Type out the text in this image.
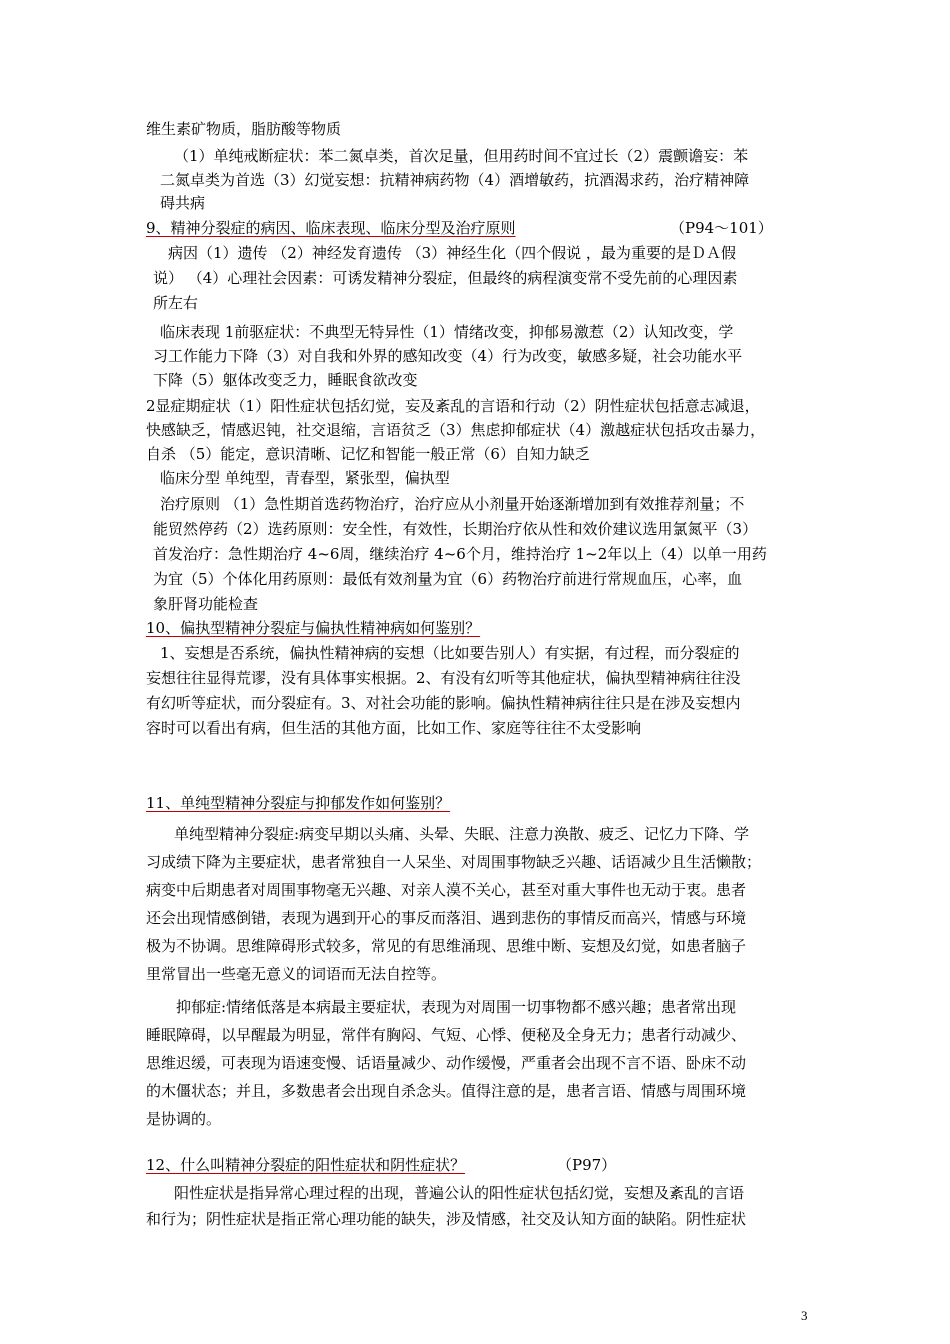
维生素矿物质，脂肪酸等物质
（1）单纯戒断症状：苯二氮卓类，首次足量，但用药时间不宜过长（2）震颤谵妄：苯
二氮卓类为首选（3）幻觉妄想：抗精神病药物（4）酒增敏药，抗酒渴求药，治疗精神障
碍共病
9、精神分裂症的病因、临床表现、临床分型及治疗原则	（P94～101）
病因（1）遗传 （2）神经发育遗传 （3）神经生化（四个假说 ，最为重要的是ＤＡ假
说） （4）心理社会因素：可诱发精神分裂症，但最终的病程演变常不受先前的心理因素
所左右
临床表现 1前驱症状：不典型无特异性（1）情绪改变，抑郁易激惹（2）认知改变，学
习工作能力下降（3）对自我和外界的感知改变（4）行为改变，敏感多疑，社会功能水平
下降（5）躯体改变乏力，睡眠食欲改变
2显症期症状（1）阳性症状包括幻觉，妄及紊乱的言语和行动（2）阴性症状包括意志减退，
快感缺乏，情感迟钝，社交退缩，言语贫乏（3）焦虑抑郁症状（4）激越症状包括攻击暴力，
自杀 （5）能定，意识清晰、记忆和智能一般正常（6）自知力缺乏
临床分型 单纯型，青春型，紧张型，偏执型
治疗原则 （1）急性期首选药物治疗，治疗应从小剂量开始逐渐增加到有效推荐剂量；不
能贸然停药（2）选药原则：安全性，有效性，长期治疗依从性和效价建议选用氯氮平（3）
首发治疗：急性期治疗 4~6周，继续治疗 4~6个月，维持治疗 1~2年以上（4）以单一用药
为宜（5）个体化用药原则：最低有效剂量为宜（6）药物治疗前进行常规血压，心率，血
象肝肾功能检查
10、偏执型精神分裂症与偏执性精神病如何鉴别？
1、妄想是否系统，偏执性精神病的妄想（比如要告别人）有实据，有过程，而分裂症的
妄想往往显得荒谬，没有具体事实根据。2、有没有幻听等其他症状，偏执型精神病往往没
有幻听等症状，而分裂症有。3、对社会功能的影响。偏执性精神病往往只是在涉及妄想内
容时可以看出有病，但生活的其他方面，比如工作、家庭等往往不太受影响
11、单纯型精神分裂症与抑郁发作如何鉴别？
单纯型精神分裂症:病变早期以头痛、头晕、失眠、注意力涣散、疲乏、记忆力下降、学
习成绩下降为主要症状，患者常独自一人呆坐、对周围事物缺乏兴趣、话语减少且生活懒散；
病变中后期患者对周围事物毫无兴趣、对亲人漠不关心，甚至对重大事件也无动于衷。患者
还会出现情感倒错，表现为遇到开心的事反而落泪、遇到悲伤的事情反而高兴，情感与环境
极为不协调。思维障碍形式较多，常见的有思维涌现、思维中断、妄想及幻觉，如患者脑子
里常冒出一些毫无意义的词语而无法自控等。
抑郁症:情绪低落是本病最主要症状，表现为对周围一切事物都不感兴趣；患者常出现
睡眠障碍，以早醒最为明显，常伴有胸闷、气短、心悸、便秘及全身无力；患者行动减少、
思维迟缓，可表现为语速变慢、话语量减少、动作缓慢，严重者会出现不言不语、卧床不动
的木僵状态；并且，多数患者会出现自杀念头。值得注意的是，患者言语、情感与周围环境
是协调的。
12、什么叫精神分裂症的阳性症状和阴性症状？	（P97）
阳性症状是指异常心理过程的出现，普遍公认的阳性症状包括幻觉，妄想及紊乱的言语
和行为；阴性症状是指正常心理功能的缺失，涉及情感，社交及认知方面的缺陷。阴性症状
3
